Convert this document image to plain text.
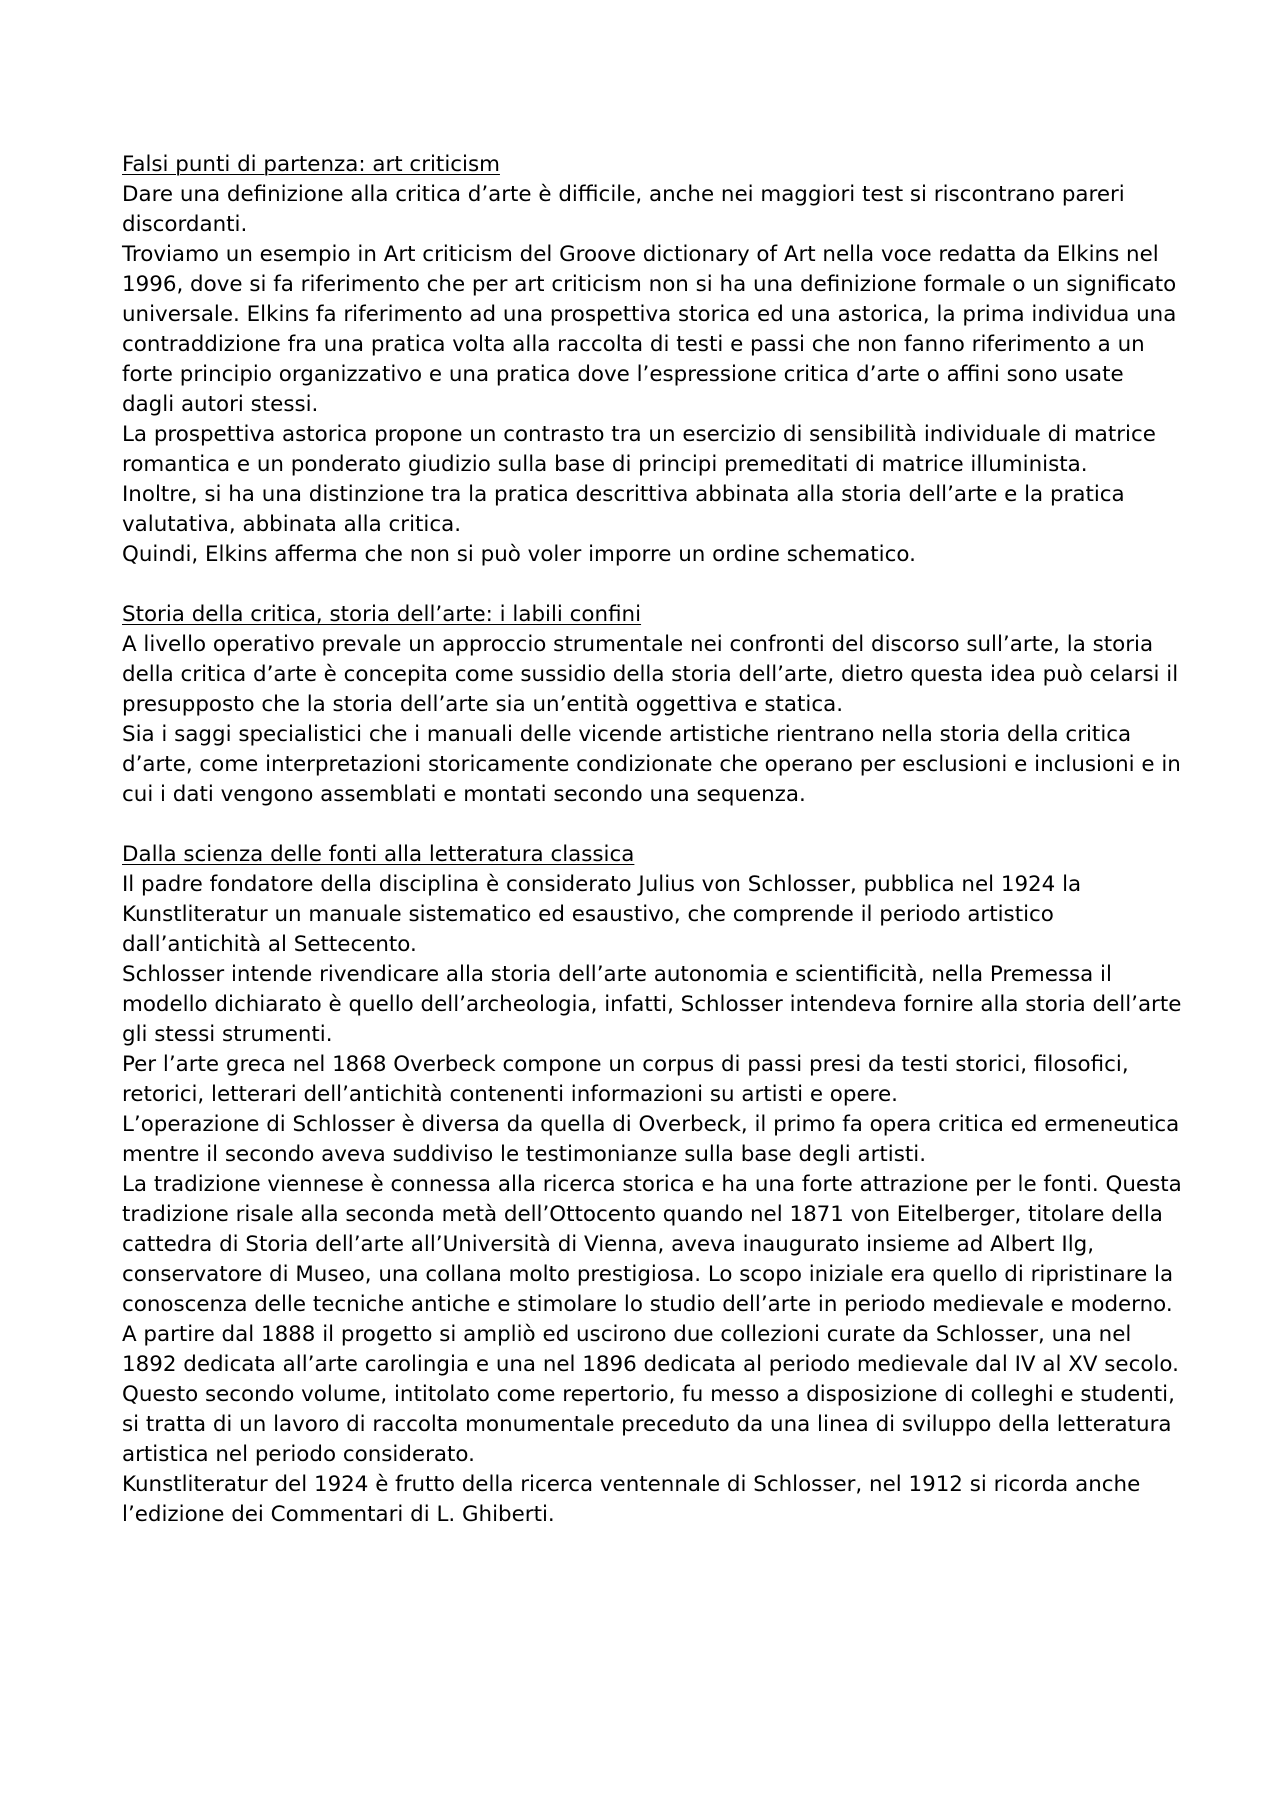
Falsi punti di partenza: art criticism

Dare una definizione alla critica d’arte è difficile, anche nei maggiori test si riscontrano pareri discordanti.

Troviamo un esempio in Art criticism del Groove dictionary of Art nella voce redatta da Elkins nel 1996, dove si fa riferimento che per art criticism non si ha una definizione formale o un significato universale. Elkins fa riferimento ad una prospettiva storica ed una astorica, la prima individua una contraddizione fra una pratica volta alla raccolta di testi e passi che non fanno riferimento a un forte principio organizzativo e una pratica dove l’espressione critica d’arte o affini sono usate dagli autori stessi.

La prospettiva astorica propone un contrasto tra un esercizio di sensibilità individuale di matrice romantica e un ponderato giudizio sulla base di principi premeditati di matrice illuminista.

Inoltre, si ha una distinzione tra la pratica descrittiva abbinata alla storia dell’arte e la pratica valutativa, abbinata alla critica.

Quindi, Elkins afferma che non si può voler imporre un ordine schematico.

Storia della critica, storia dell’arte: i labili confini

A livello operativo prevale un approccio strumentale nei confronti del discorso sull’arte, la storia della critica d’arte è concepita come sussidio della storia dell’arte, dietro questa idea può celarsi il presupposto che la storia dell’arte sia un’entità oggettiva e statica.

Sia i saggi specialistici che i manuali delle vicende artistiche rientrano nella storia della critica d’arte, come interpretazioni storicamente condizionate che operano per esclusioni e inclusioni e in cui i dati vengono assemblati e montati secondo una sequenza.

Dalla scienza delle fonti alla letteratura classica

Il padre fondatore della disciplina è considerato Julius von Schlosser, pubblica nel 1924 la Kunstliteratur un manuale sistematico ed esaustivo, che comprende il periodo artistico dall’antichità al Settecento.

Schlosser intende rivendicare alla storia dell’arte autonomia e scientificità, nella Premessa il modello dichiarato è quello dell’archeologia, infatti, Schlosser intendeva fornire alla storia dell’arte gli stessi strumenti.

Per l’arte greca nel 1868 Overbeck compone un corpus di passi presi da testi storici, filosofici, retorici, letterari dell’antichità contenenti informazioni su artisti e opere.

L’operazione di Schlosser è diversa da quella di Overbeck, il primo fa opera critica ed ermeneutica mentre il secondo aveva suddiviso le testimonianze sulla base degli artisti.

La tradizione viennese è connessa alla ricerca storica e ha una forte attrazione per le fonti. Questa tradizione risale alla seconda metà dell’Ottocento quando nel 1871 von Eitelberger, titolare della cattedra di Storia dell’arte all’Università di Vienna, aveva inaugurato insieme ad Albert Ilg, conservatore di Museo, una collana molto prestigiosa. Lo scopo iniziale era quello di ripristinare la conoscenza delle tecniche antiche e stimolare lo studio dell’arte in periodo medievale e moderno.

A partire dal 1888 il progetto si ampliò ed uscirono due collezioni curate da Schlosser, una nel 1892 dedicata all’arte carolingia e una nel 1896 dedicata al periodo medievale dal IV al XV secolo.

Questo secondo volume, intitolato come repertorio, fu messo a disposizione di colleghi e studenti, si tratta di un lavoro di raccolta monumentale preceduto da una linea di sviluppo della letteratura artistica nel periodo considerato.

Kunstliteratur del 1924 è frutto della ricerca ventennale di Schlosser, nel 1912 si ricorda anche l’edizione dei Commentari di L. Ghiberti.
